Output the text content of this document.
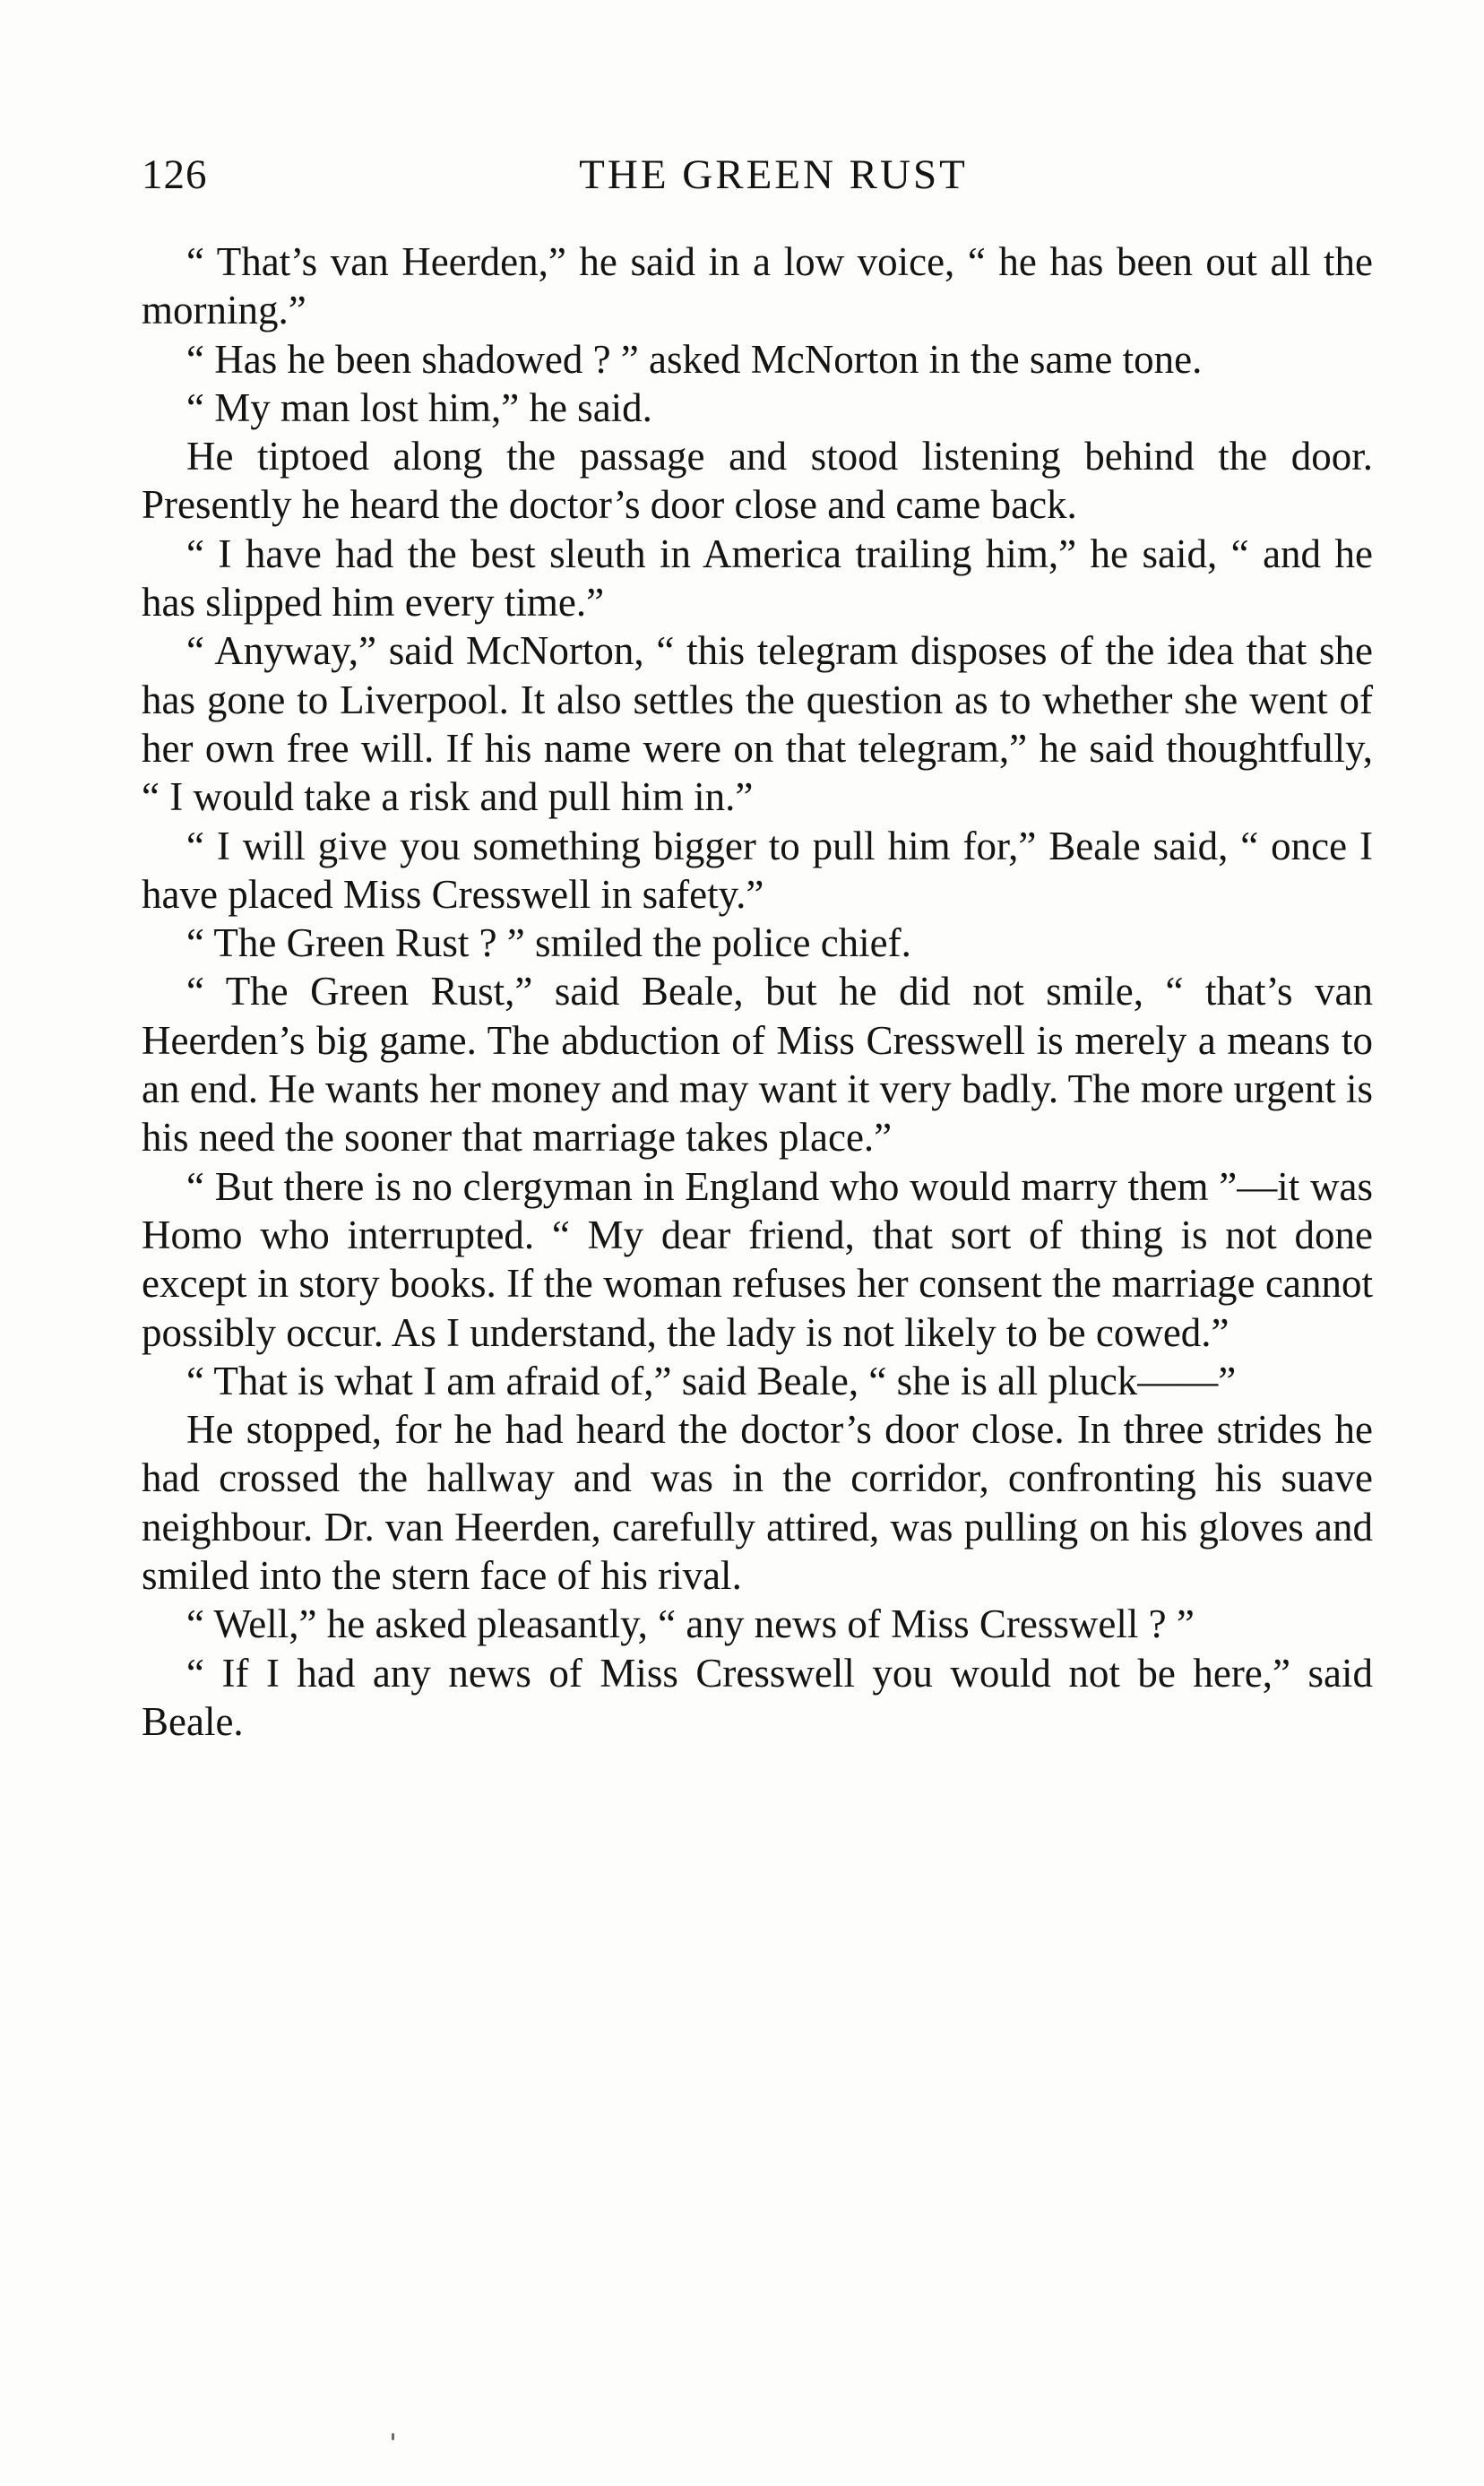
126	THE GREEN RUST

“ That’s van Heerden,” he said in a low voice, “ he has been out all the morning.”

“ Has he been shadowed ? ” asked McNorton in the same tone.

“ My man lost him,” he said.

He tiptoed along the passage and stood listening behind the door. Presently he heard the doctor’s door close and came back.

“ I have had the best sleuth in America trailing him,” he said, “ and he has slipped him every time.”

“ Anyway,” said McNorton, “ this telegram disposes of the idea that she has gone to Liverpool. It also settles the question as to whether she went of her own free will. If his name were on that telegram,” he said thoughtfully, “ I would take a risk and pull him in.”

“ I will give you something bigger to pull him for,” Beale said, “ once I have placed Miss Cresswell in safety.”

“ The Green Rust ? ” smiled the police chief.

“ The Green Rust,” said Beale, but he did not smile, “ that’s van Heerden’s big game. The abduction of Miss Cresswell is merely a means to an end. He wants her money and may want it very badly. The more urgent is his need the sooner that marriage takes place.”

“ But there is no clergyman in England who would marry them ”—it was Homo who interrupted. “ My dear friend, that sort of thing is not done except in story books. If the woman refuses her consent the marriage cannot possibly occur. As I understand, the lady is not likely to be cowed.”

“ That is what I am afraid of,” said Beale, “ she is all pluck——”

He stopped, for he had heard the doctor’s door close. In three strides he had crossed the hallway and was in the corridor, confronting his suave neighbour. Dr. van Heerden, carefully attired, was pulling on his gloves and smiled into the stern face of his rival.

“ Well,” he asked pleasantly, “ any news of Miss Cresswell ? ”

“ If I had any news of Miss Cresswell you would not be here,” said Beale.
